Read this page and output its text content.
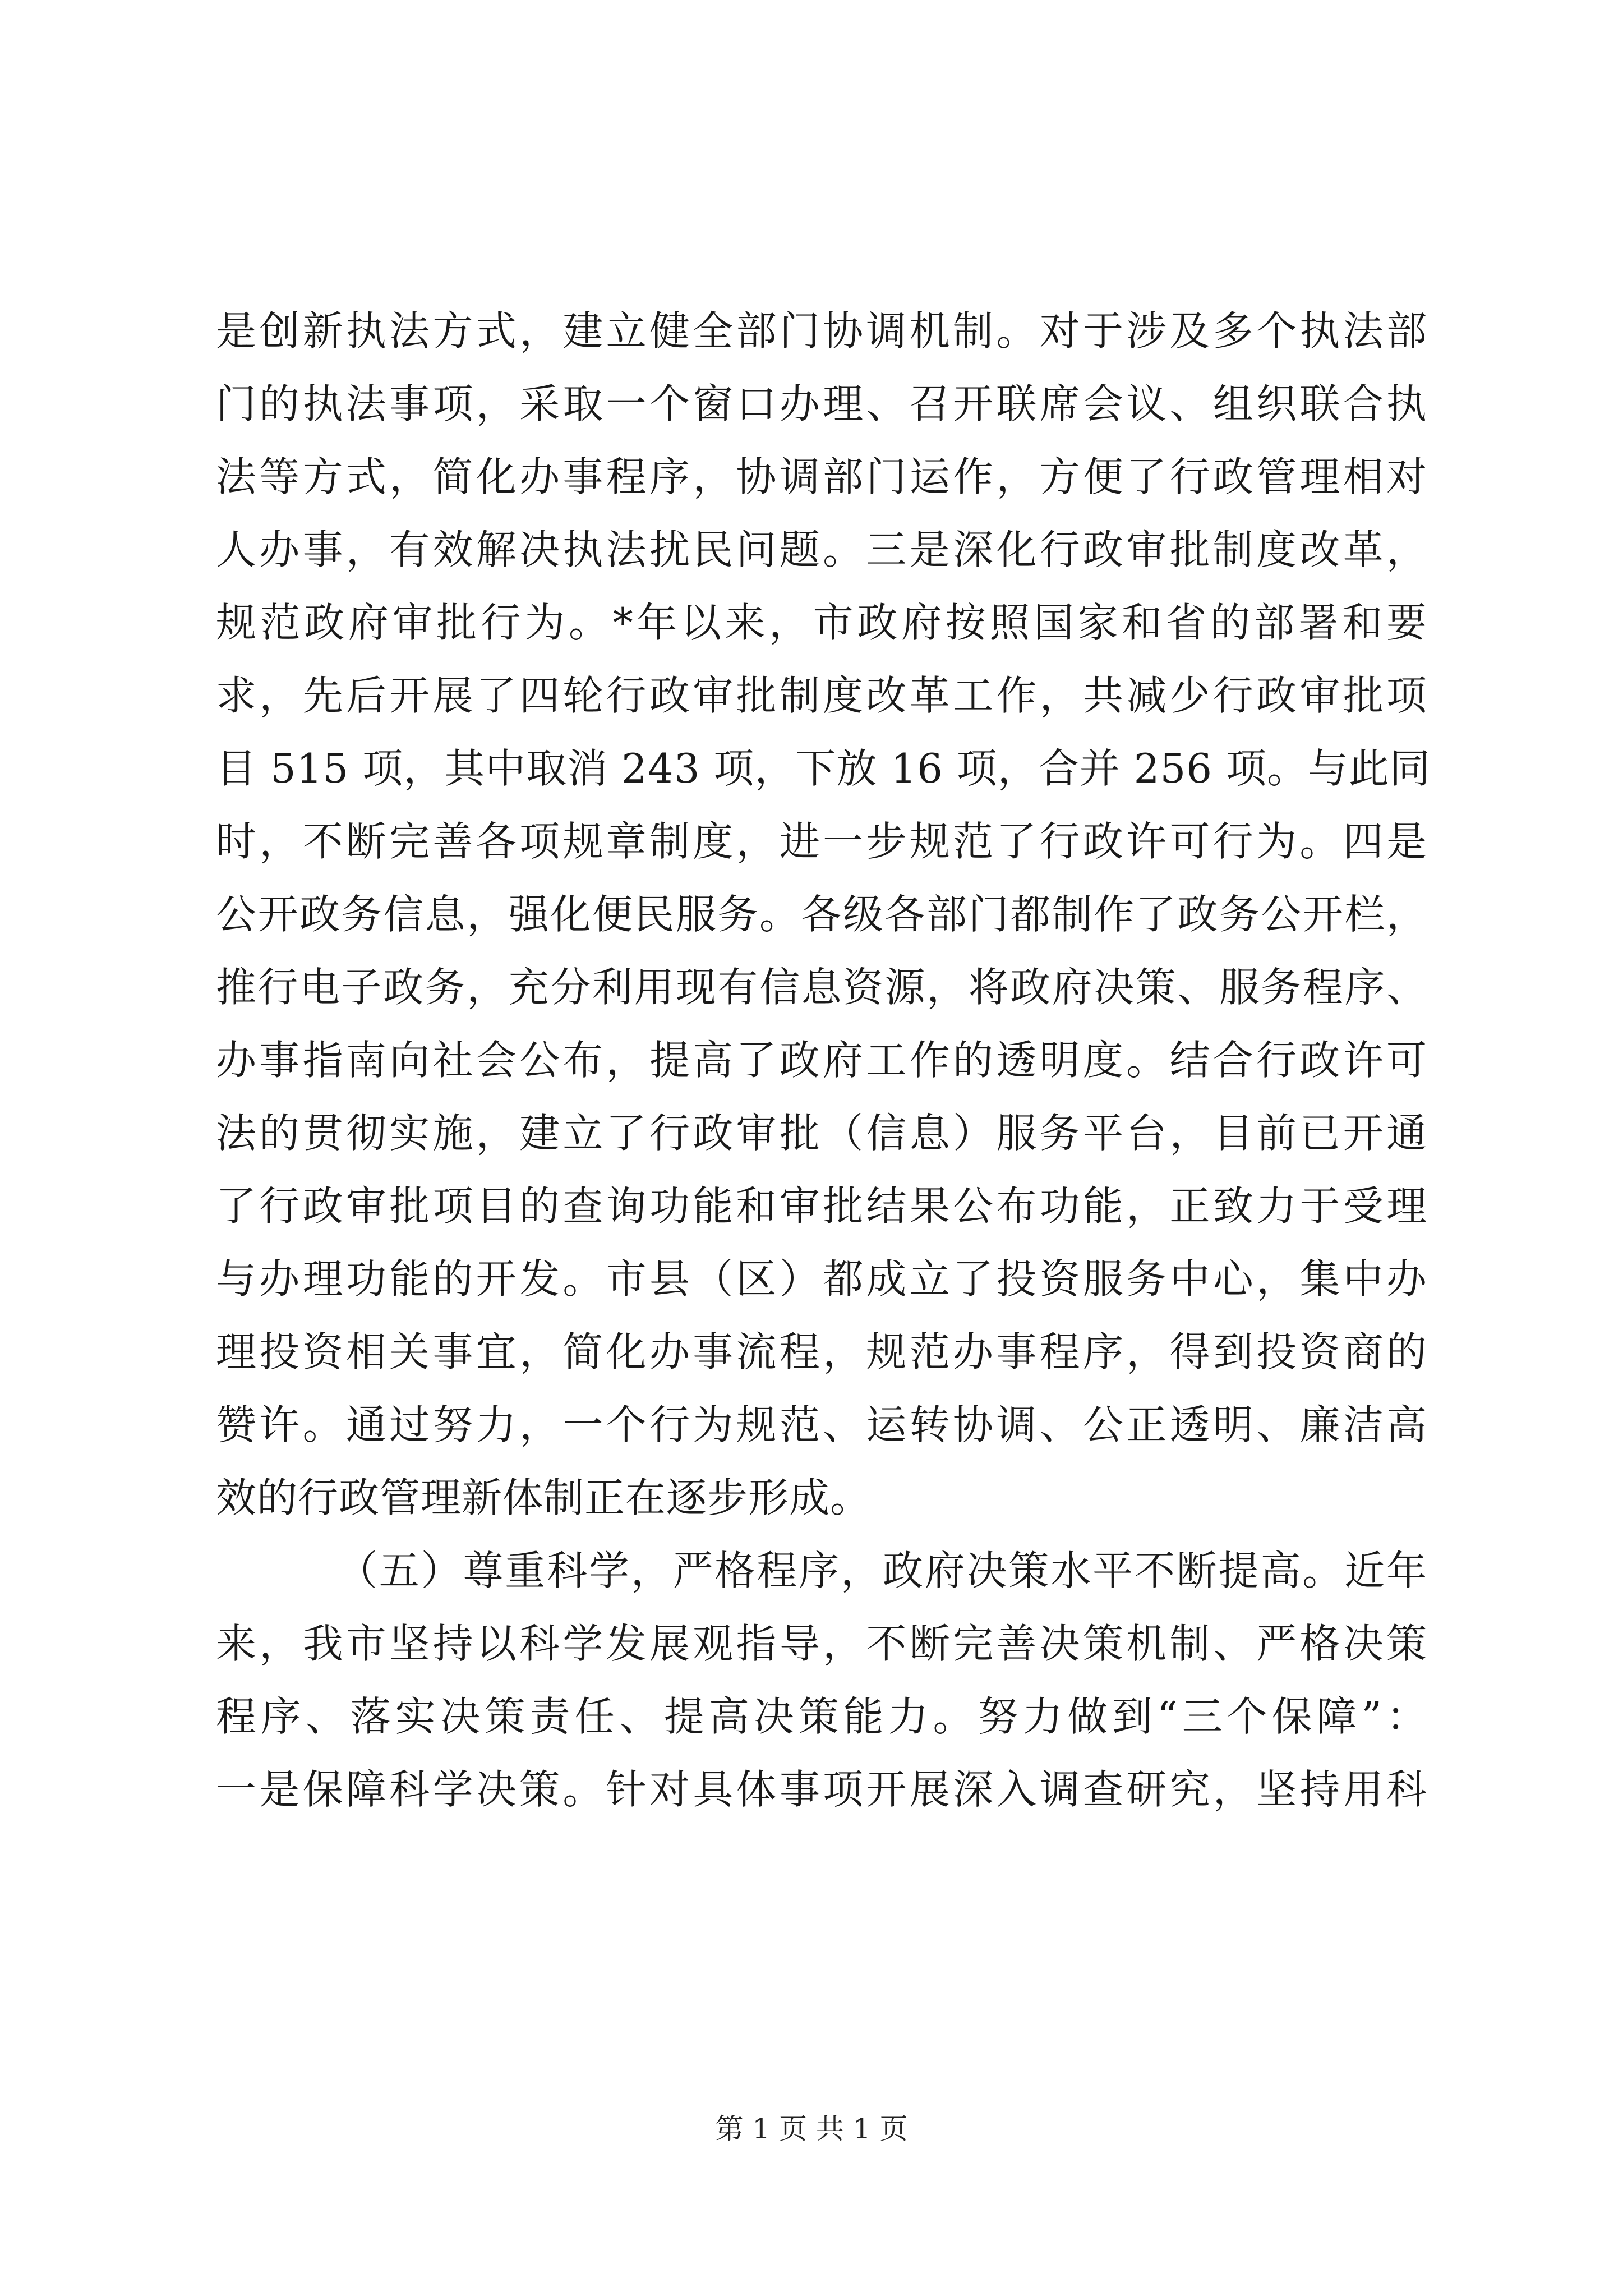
是创新执法方式，建立健全部门协调机制。对于涉及多个执法部
门的执法事项，采取一个窗口办理、召开联席会议、组织联合执
法等方式，简化办事程序，协调部门运作，方便了行政管理相对
人办事，有效解决执法扰民问题。三是深化行政审批制度改革，
规范政府审批行为。*年以来，市政府按照国家和省的部署和要
求，先后开展了四轮行政审批制度改革工作，共减少行政审批项
目 515 项，其中取消 243 项，下放 16 项，合并 256 项。与此同
时，不断完善各项规章制度，进一步规范了行政许可行为。四是
公开政务信息，强化便民服务。各级各部门都制作了政务公开栏，
推行电子政务，充分利用现有信息资源，将政府决策、服务程序、
办事指南向社会公布，提高了政府工作的透明度。结合行政许可
法的贯彻实施，建立了行政审批（信息）服务平台，目前已开通
了行政审批项目的查询功能和审批结果公布功能，正致力于受理
与办理功能的开发。市县（区）都成立了投资服务中心，集中办
理投资相关事宜，简化办事流程，规范办事程序，得到投资商的
赞许。通过努力，一个行为规范、运转协调、公正透明、廉洁高
效的行政管理新体制正在逐步形成。
（五）尊重科学，严格程序，政府决策水平不断提高。近年
来，我市坚持以科学发展观指导，不断完善决策机制、严格决策
程序、落实决策责任、提高决策能力。努力做到“三个保障”：
一是保障科学决策。针对具体事项开展深入调查研究，坚持用科
第 1 页 共 1 页
